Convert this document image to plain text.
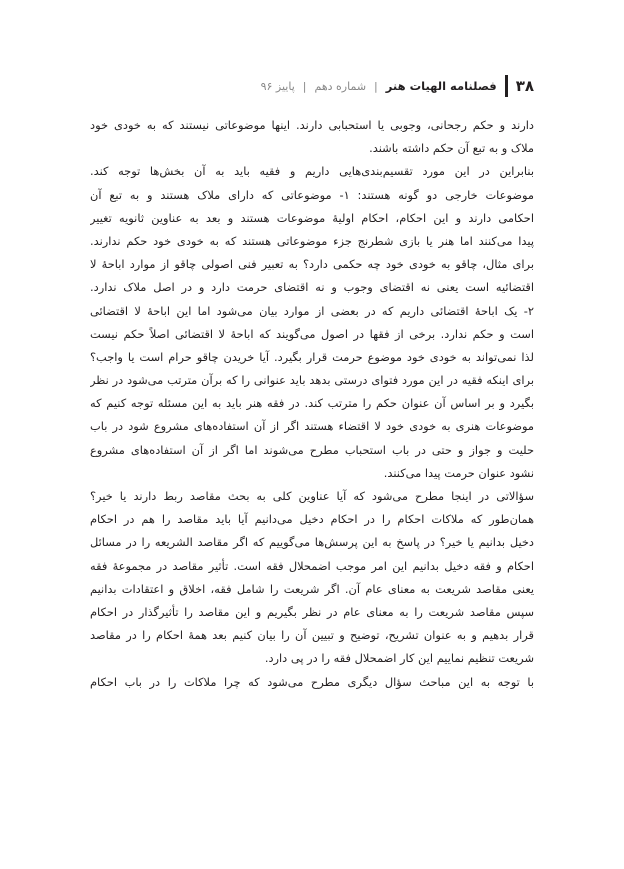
۳۸
فصلنامه الهیات هنر
|
شماره دهم
|
پاییز ۹۶
دارند و حکم رجحانی، وجوبی یا استحبابی دارند. اینها موضوعاتی نیستند که به خودی خود
ملاک و به تبع آن حکم داشته باشند.
بنابراین در این مورد تقسیم‌بندی‌هایی داریم و فقیه باید به آن بخش‌ها توجه کند.
موضوعات خارجی دو گونه هستند: ۱- موضوعاتی که دارای ملاک هستند و به تبع آن
احکامی دارند و این احکام، احکام اولیهٔ موضوعات هستند و بعد به عناوین ثانویه تغییر
پیدا می‌کنند اما هنر یا بازی شطرنج جزء موضوعاتی هستند که به خودی خود حکم ندارند.
برای مثال، چاقو به خودی خود چه حکمی دارد؟ به تعبیر فنی اصولی چاقو از موارد اباحهٔ لا
اقتضائیه است یعنی نه اقتضای وجوب و نه اقتضای حرمت دارد و در اصل ملاک ندارد.
۲- یک اباحهٔ اقتضائی داریم که در بعضی از موارد بیان می‌شود اما این اباحهٔ لا اقتضائی
است و حکم ندارد. برخی از فقها در اصول می‌گویند که اباحهٔ لا اقتضائی اصلاً حکم نیست
لذا نمی‌تواند به خودی خود موضوع حرمت قرار بگیرد. آیا خریدن چاقو حرام است یا واجب؟
برای اینکه فقیه در این مورد فتوای درستی بدهد باید عنوانی را که برآن مترتب می‌شود در نظر
بگیرد و بر اساس آن عنوان حکم را مترتب کند. در فقه هنر باید به این مسئله توجه کنیم که
موضوعات هنری به خودی خود لا اقتضاء هستند اگر از آن استفاده‌های مشروع شود در باب
حلیت و جواز و حتی در باب استحباب مطرح می‌شوند اما اگر از آن استفاده‌های مشروع
نشود عنوان حرمت پیدا می‌کنند.
سؤالاتی در اینجا مطرح می‌شود که آیا عناوین کلی به بحث مقاصد ربط دارند یا خیر؟
همان‌طور که ملاکات احکام را در احکام دخیل می‌دانیم آیا باید مقاصد را هم در احکام
دخیل بدانیم یا خیر؟ در پاسخ به این پرسش‌ها می‌گوییم که اگر مقاصد الشریعه را در مسائل
احکام و فقه دخیل بدانیم این امر موجب اضمحلال فقه است. تأثیر مقاصد در مجموعهٔ فقه
یعنی مقاصد شریعت به معنای عام آن. اگر شریعت را شامل فقه، اخلاق و اعتقادات بدانیم
سپس مقاصد شریعت را به معنای عام در نظر بگیریم و این مقاصد را تأثیرگذار در احکام
قرار بدهیم و به عنوان تشریح، توضیح و تبیین آن را بیان کنیم بعد همهٔ احکام را در مقاصد
شریعت تنظیم نماییم این کار اضمحلال فقه را در پی دارد.
با توجه به این مباحث سؤال دیگری مطرح می‌شود که چرا ملاکات را در باب احکام
